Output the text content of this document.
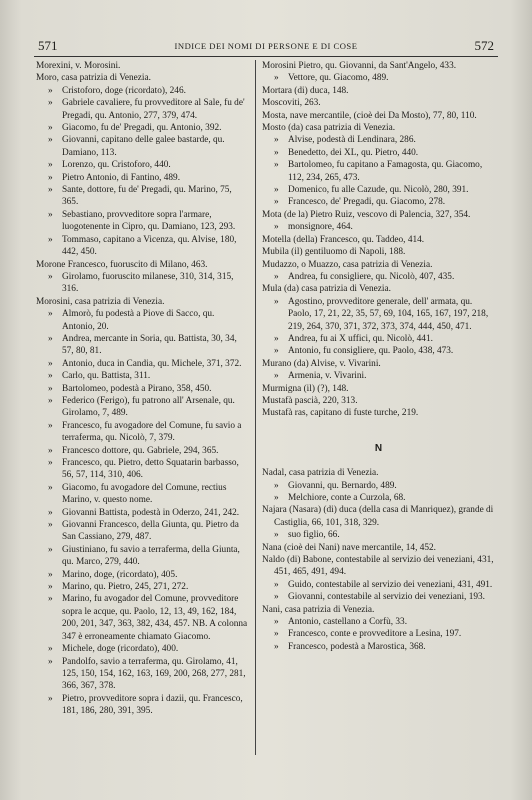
571	INDICE DEI NOMI DI PERSONE E DI COSE	572
Morexini, v. Morosini.
Moro, casa patrizia di Venezia.
» Cristoforo, doge (ricordato), 246.
» Gabriele cavaliere, fu provveditore al Sale, fu de' Pregadi, qu. Antonio, 277, 379, 474.
» Giacomo, fu de' Pregadi, qu. Antonio, 392.
» Giovanni, capitano delle galee bastarde, qu. Damiano, 113.
» Lorenzo, qu. Cristoforo, 440.
» Pietro Antonio, di Fantino, 489.
» Sante, dottore, fu de' Pregadi, qu. Marino, 75, 365.
» Sebastiano, provveditore sopra l'armare, luogotenente in Cipro, qu. Damiano, 123, 293.
» Tommaso, capitano a Vicenza, qu. Alvise, 180, 442, 450.
Morone Francesco, fuoruscito di Milano, 463.
» Girolamo, fuoruscito milanese, 310, 314, 315, 316.
Morosini, casa patrizia di Venezia.
» Almorò, fu podestà a Piove di Sacco, qu. Antonio, 20.
» Andrea, mercante in Soria, qu. Battista, 30, 34, 57, 80, 81.
» Antonio, duca in Candia, qu. Michele, 371, 372.
» Carlo, qu. Battista, 311.
» Bartolomeo, podestà a Pirano, 358, 450.
» Federico (Ferigo), fu patrono all' Arsenale, qu. Girolamo, 7, 489.
» Francesco, fu avogadore del Comune, fu savio a terraferma, qu. Nicolò, 7, 379.
» Francesco dottore, qu. Gabriele, 294, 365.
» Francesco, qu. Pietro, detto Squatarin barbasso, 56, 57, 114, 310, 406.
» Giacomo, fu avogadore del Comune, rectius Marino, v. questo nome.
» Giovanni Battista, podestà in Oderzo, 241, 242.
» Giovanni Francesco, della Giunta, qu. Pietro da San Cassiano, 279, 487.
» Giustiniano, fu savio a terraferma, della Giunta, qu. Marco, 279, 440.
» Marino, doge, (ricordato), 405.
» Marino, qu. Pietro, 245, 271, 272.
» Marino, fu avogador del Comune, provveditore sopra le acque, qu. Paolo, 12, 13, 49, 162, 184, 200, 201, 347, 363, 382, 434, 457. NB. A colonna 347 è erroneamente chiamato Giacomo.
» Michele, doge (ricordato), 400.
» Pandolfo, savio a terraferma, qu. Girolamo, 41, 125, 150, 154, 162, 163, 169, 200, 268, 277, 281, 366, 367, 378.
» Pietro, provveditore sopra i dazii, qu. Francesco, 181, 186, 280, 391, 395.
Morosini Pietro, qu. Giovanni, da Sant'Angelo, 433.
» Vettore, qu. Giacomo, 489.
Mortara (di) duca, 148.
Moscoviti, 263.
Mosta, nave mercantile, (cioè dei Da Mosto), 77, 80, 110.
Mosto (da) casa patrizia di Venezia.
» Alvise, podestà di Lendinara, 286.
» Benedetto, dei XL, qu. Pietro, 440.
» Bartolomeo, fu capitano a Famagosta, qu. Giacomo, 112, 234, 265, 473.
» Domenico, fu alle Cazude, qu. Nicolò, 280, 391.
» Francesco, de' Pregadi, qu. Giacomo, 278.
Mota (de la) Pietro Ruiz, vescovo di Palencia, 327, 354.
» monsignore, 464.
Motella (della) Francesco, qu. Taddeo, 414.
Mubila (il) gentiluomo di Napoli, 188.
Mudazzo, o Muazzo, casa patrizia di Venezia.
» Andrea, fu consigliere, qu. Nicolò, 407, 435.
Mula (da) casa patrizia di Venezia.
» Agostino, provveditore generale, dell' armata, qu. Paolo, 17, 21, 22, 35, 57, 69, 104, 165, 167, 197, 218, 219, 264, 370, 371, 372, 373, 374, 444, 450, 471.
» Andrea, fu ai X uffici, qu. Nicolò, 441.
» Antonio, fu consigliere, qu. Paolo, 438, 473.
Murano (da) Alvise, v. Vivarini.
» Armenia, v. Vivarini.
Murmigna (il) (?), 148.
Mustafà pascià, 220, 313.
Mustafà ras, capitano di fuste turche, 219.
N
Nadal, casa patrizia di Venezia.
» Giovanni, qu. Bernardo, 489.
» Melchiore, conte a Curzola, 68.
Najara (Nasara) (di) duca (della casa di Manriquez), grande di Castiglia, 66, 101, 318, 329.
» suo figlio, 66.
Nana (cioè dei Nani) nave mercantile, 14, 452.
Naldo (di) Babone, contestabile al servizio dei veneziani, 431, 451, 465, 491, 494.
» Guido, contestabile al servizio dei veneziani, 431, 491.
» Giovanni, contestabile al servizio dei veneziani, 193.
Nani, casa patrizia di Venezia.
» Antonio, castellano a Corfù, 33.
» Francesco, conte e provveditore a Lesina, 197.
» Francesco, podestà a Marostica, 368.
